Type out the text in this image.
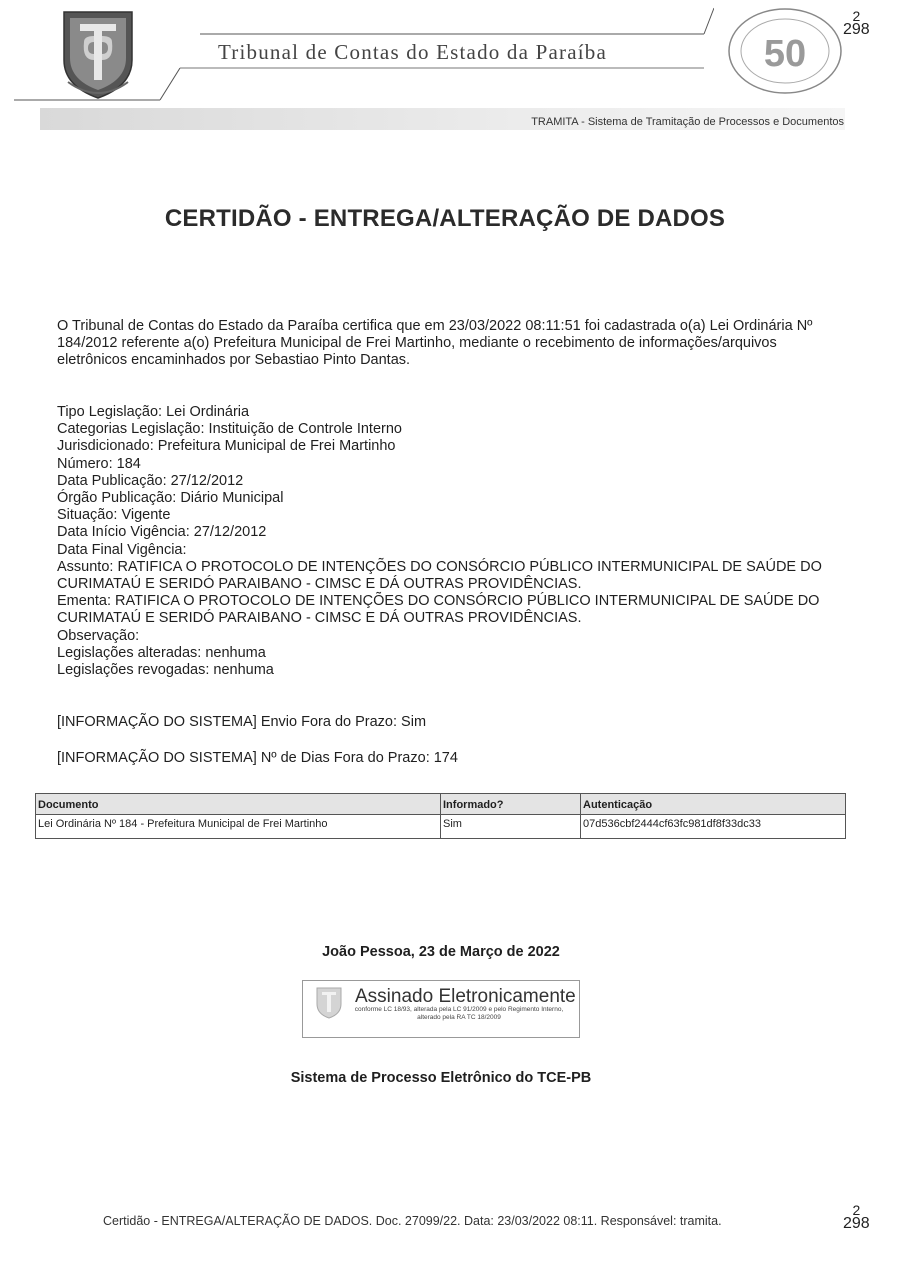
Tribunal de Contas do Estado da Paraíba	50
2
298
TRAMITA - Sistema de Tramitação de Processos e Documentos
CERTIDÃO - ENTREGA/ALTERAÇÃO DE DADOS
O Tribunal de Contas do Estado da Paraíba certifica que em 23/03/2022 08:11:51 foi cadastrada o(a) Lei Ordinária Nº 184/2012 referente a(o) Prefeitura Municipal de Frei Martinho, mediante o recebimento de informações/arquivos eletrônicos encaminhados por Sebastiao Pinto Dantas.
Tipo Legislação: Lei Ordinária
Categorias Legislação: Instituição de Controle Interno
Jurisdicionado: Prefeitura Municipal de Frei Martinho
Número: 184
Data Publicação: 27/12/2012
Órgão Publicação: Diário Municipal
Situação: Vigente
Data Início Vigência: 27/12/2012
Data Final Vigência:
Assunto: RATIFICA O PROTOCOLO DE INTENÇÕES DO CONSÓRCIO PÚBLICO INTERMUNICIPAL DE SAÚDE DO CURIMATAÚ E SERIDÓ PARAIBANO - CIMSC E DÁ OUTRAS PROVIDÊNCIAS.
Ementa: RATIFICA O PROTOCOLO DE INTENÇÕES DO CONSÓRCIO PÚBLICO INTERMUNICIPAL DE SAÚDE DO CURIMATAÚ E SERIDÓ PARAIBANO - CIMSC E DÁ OUTRAS PROVIDÊNCIAS.
Observação:
Legislações alteradas: nenhuma
Legislações revogadas: nenhuma
[INFORMAÇÃO DO SISTEMA] Envio Fora do Prazo: Sim
[INFORMAÇÃO DO SISTEMA] Nº de Dias Fora do Prazo: 174
Documento	Informado?	Autenticação
Lei Ordinária Nº 184 - Prefeitura Municipal de Frei Martinho	Sim	07d536cbf2444cf63fc981df8f33dc33
João Pessoa, 23 de Março de 2022
Assinado Eletronicamente
conforme LC 18/93, alterada pela LC 91/2009 e pelo Regimento Interno, alterado pela RA TC 18/2009
Sistema de Processo Eletrônico do TCE-PB
Certidão - ENTREGA/ALTERAÇÃO DE DADOS. Doc. 27099/22. Data: 23/03/2022 08:11. Responsável: tramita.
2
298
